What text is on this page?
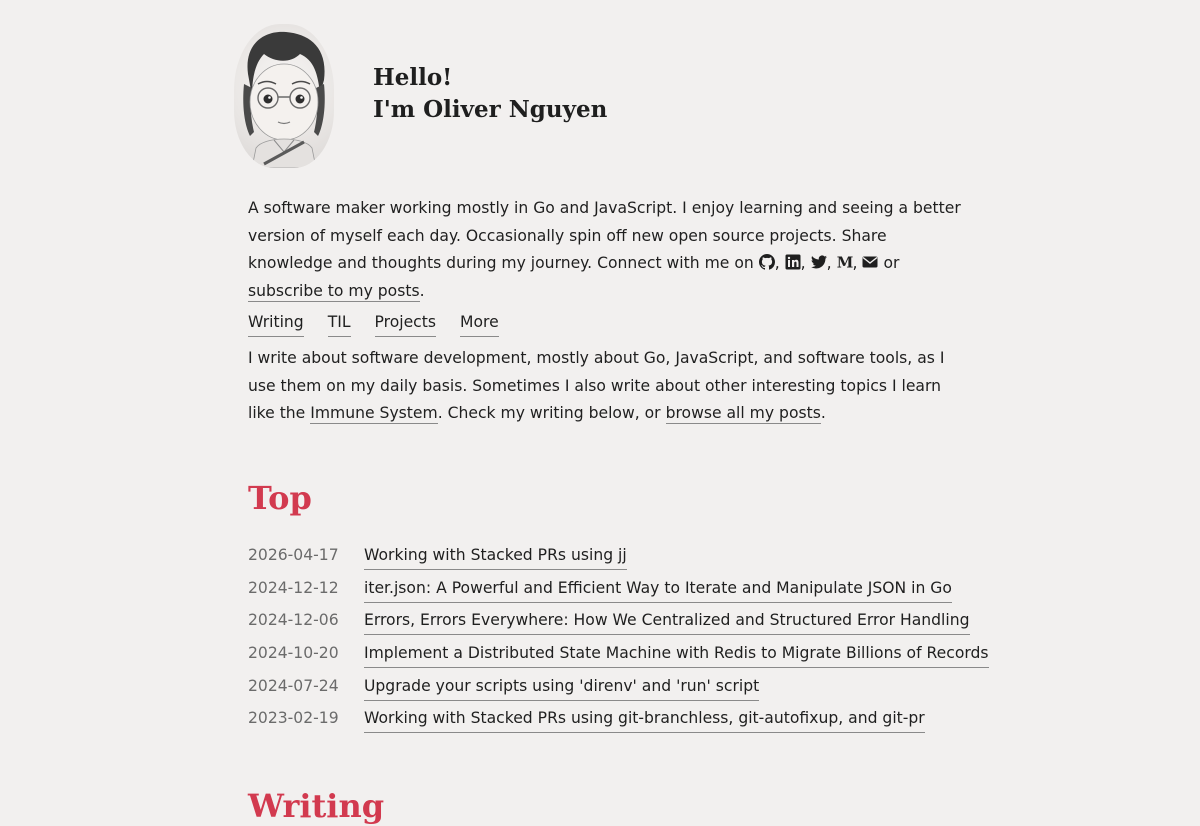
Hello!
I'm Oliver Nguyen
A software maker working mostly in Go and JavaScript. I enjoy learning and seeing a better version of myself each day. Occasionally spin off new open source projects. Share knowledge and thoughts during my journey. Connect with me on , , , M , or subscribe to my posts.
Writing TIL Projects More
I write about software development, mostly about Go, JavaScript, and software tools, as I use them on my daily basis. Sometimes I also write about other interesting topics I learn like the Immune System. Check my writing below, or browse all my posts.
Top
2026-04-17	Working with Stacked PRs using jj
2024-12-12	iter.json: A Powerful and Efficient Way to Iterate and Manipulate JSON in Go
2024-12-06	Errors, Errors Everywhere: How We Centralized and Structured Error Handling
2024-10-20	Implement a Distributed State Machine with Redis to Migrate Billions of Records
2024-07-24	Upgrade your scripts using 'direnv' and 'run' script
2023-02-19	Working with Stacked PRs using git-branchless, git-autofixup, and git-pr
Writing
